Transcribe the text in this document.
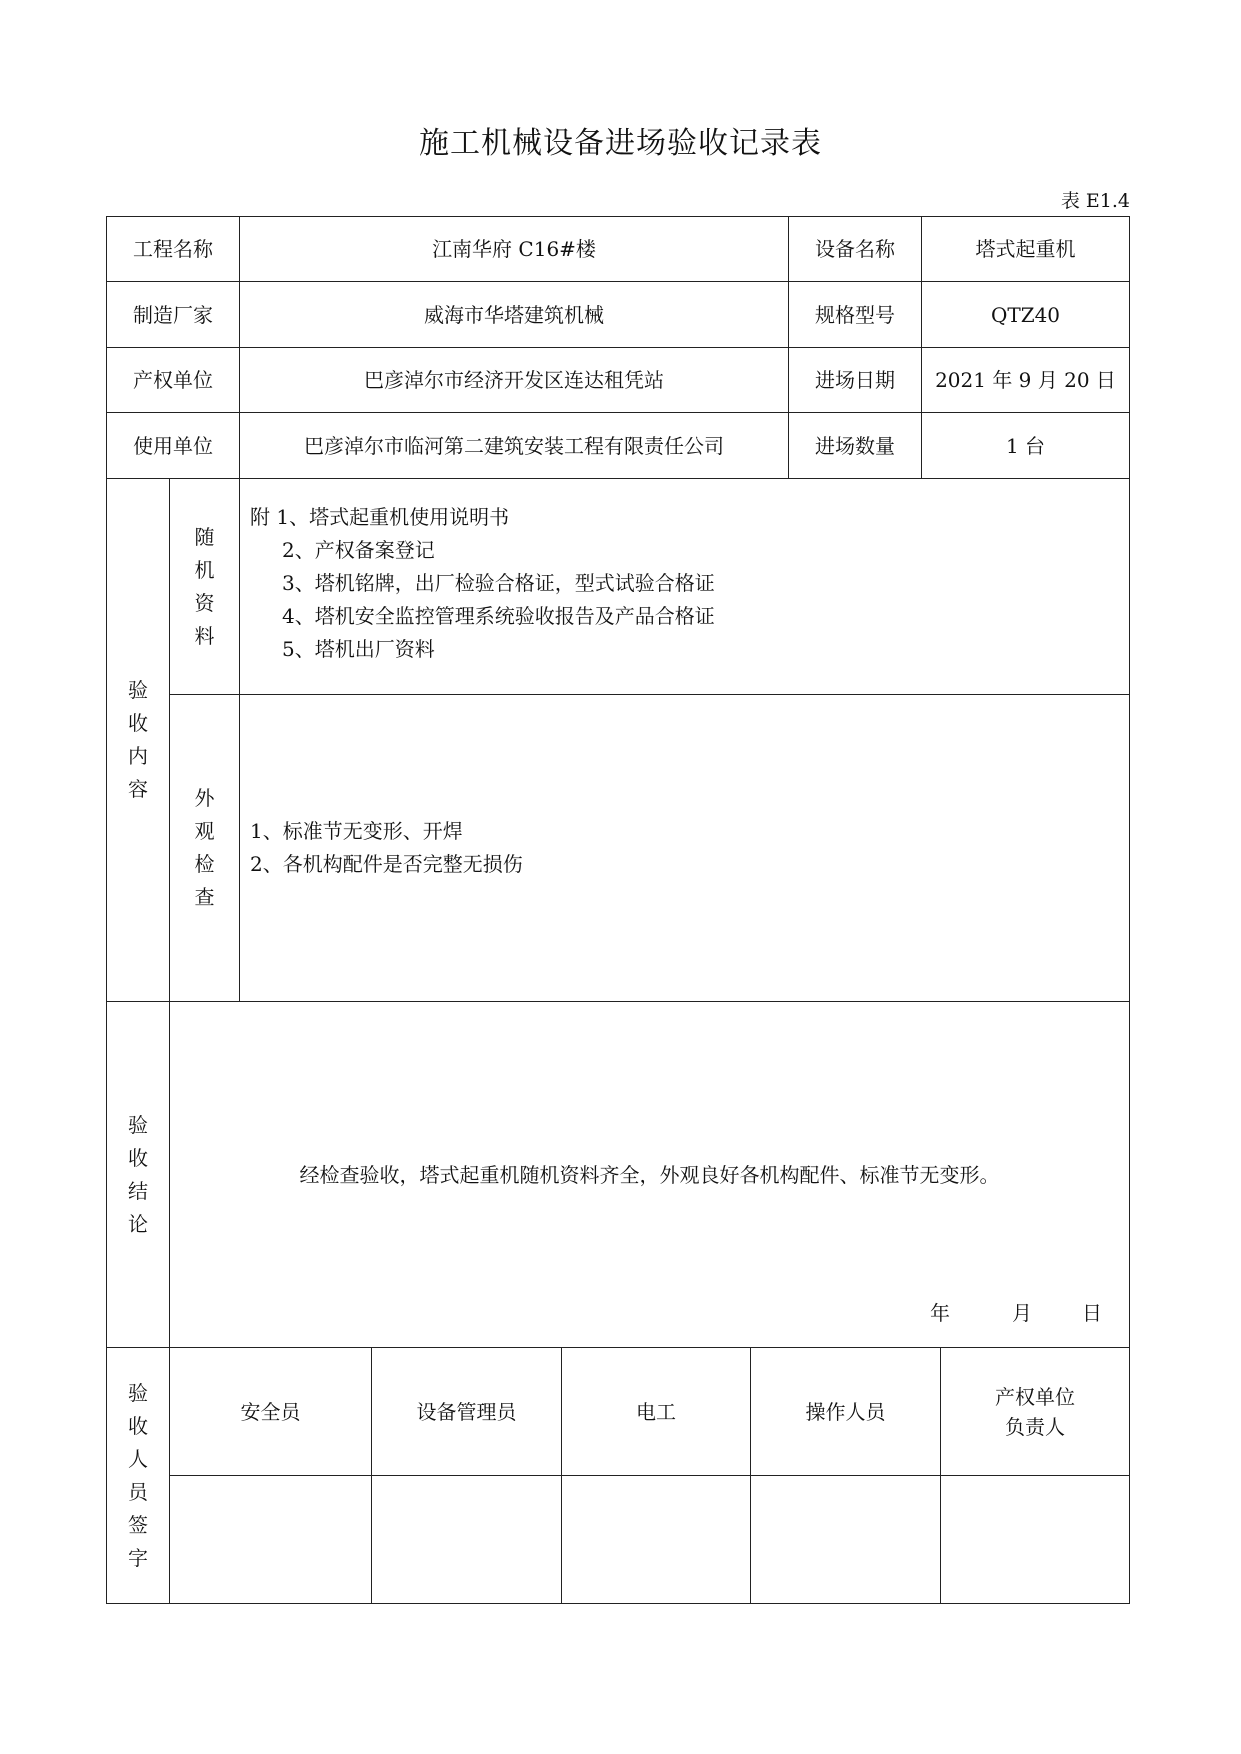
施工机械设备进场验收记录表
表 E1.4
工程名称	江南华府 C16#楼	设备名称	塔式起重机
制造厂家	威海市华塔建筑机械	规格型号	QTZ40
产权单位	巴彦淖尔市经济开发区连达租凭站	进场日期	2021 年 9 月 20 日
使用单位	巴彦淖尔市临河第二建筑安装工程有限责任公司	进场数量	1 台
验收内容
随机资料
附 1、塔式起重机使用说明书
2、产权备案登记
3、塔机铭牌，出厂检验合格证，型式试验合格证
4、塔机安全监控管理系统验收报告及产品合格证
5、塔机出厂资料
外观检查
1、标准节无变形、开焊
2、各机构配件是否完整无损伤
验收结论
经检查验收，塔式起重机随机资料齐全，外观良好各机构配件、标准节无变形。
年	月	日
验收人员签字
安全员	设备管理员	电工	操作人员
产权单位
负责人
